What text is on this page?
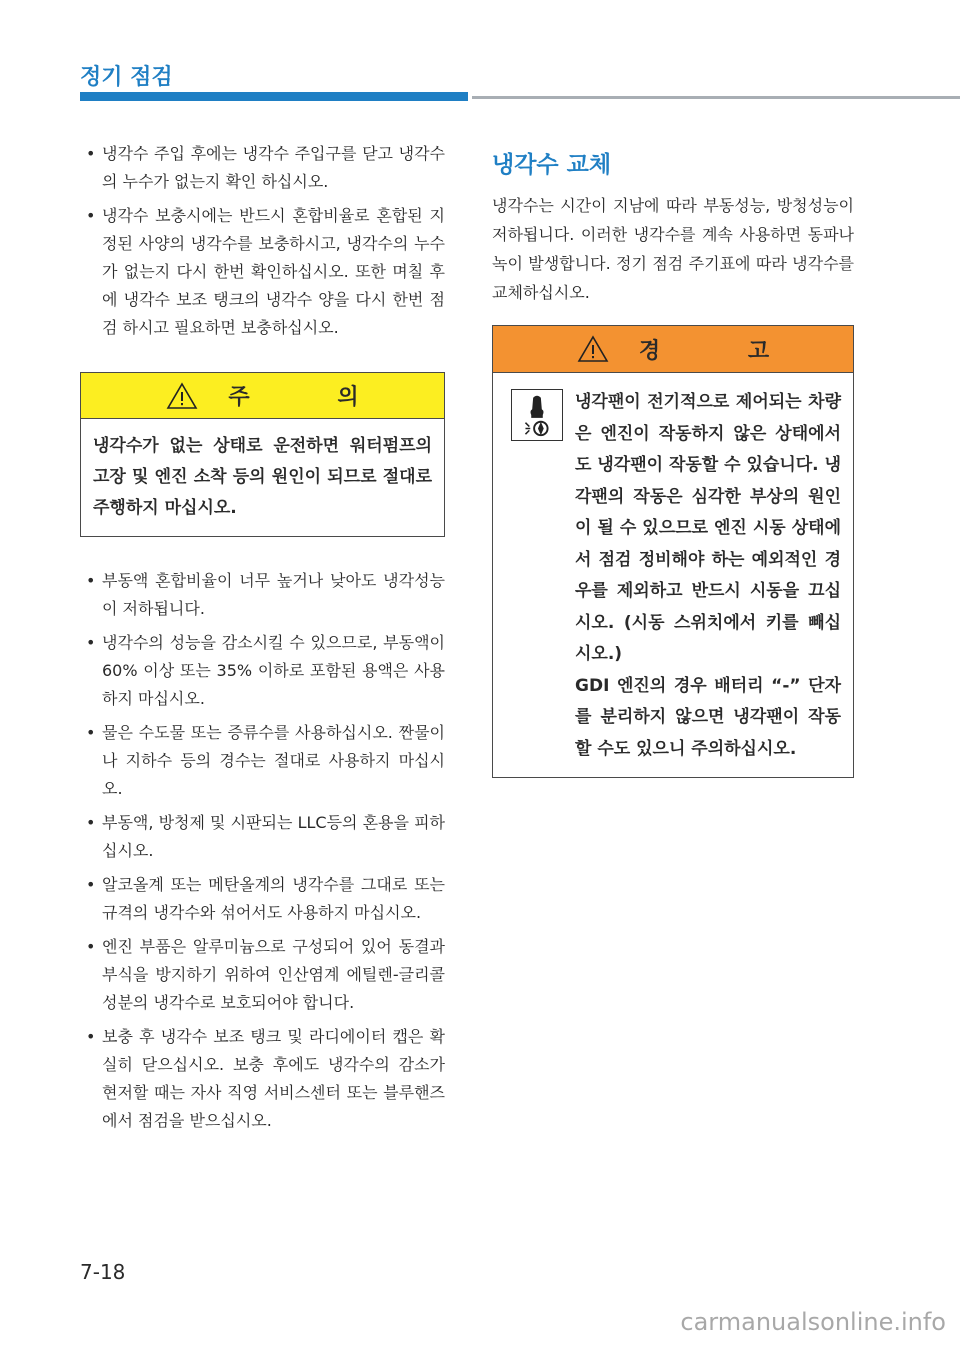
정기 점검
• 냉각수 주입 후에는 냉각수 주입구를 닫고 냉각수의 누수가 없는지 확인 하십시오.
• 냉각수 보충시에는 반드시 혼합비율로 혼합된 지정된 사양의 냉각수를 보충하시고, 냉각수의 누수가 없는지 다시 한번 확인하십시오. 또한 며칠 후에 냉각수 보조 탱크의 냉각수 양을 다시 한번 점검 하시고 필요하면 보충하십시오.
주 의
냉각수가 없는 상태로 운전하면 워터펌프의 고장 및 엔진 소착 등의 원인이 되므로 절대로 주행하지 마십시오.
• 부동액 혼합비율이 너무 높거나 낮아도 냉각성능이 저하됩니다.
• 냉각수의 성능을 감소시킬 수 있으므로, 부동액이 60% 이상 또는 35% 이하로 포함된 용액은 사용하지 마십시오.
• 물은 수도물 또는 증류수를 사용하십시오. 짠물이나 지하수 등의 경수는 절대로 사용하지 마십시오.
• 부동액, 방청제 및 시판되는 LLC등의 혼용을 피하십시오.
• 알코올계 또는 메탄올계의 냉각수를 그대로 또는 규격의 냉각수와 섞어서도 사용하지 마십시오.
• 엔진 부품은 알루미늄으로 구성되어 있어 동결과 부식을 방지하기 위하여 인산염계 에틸렌-글리콜 성분의 냉각수로 보호되어야 합니다.
• 보충 후 냉각수 보조 탱크 및 라디에이터 캡은 확실히 닫으십시오. 보충 후에도 냉각수의 감소가 현저할 때는 자사 직영 서비스센터 또는 블루핸즈에서 점검을 받으십시오.
냉각수 교체
냉각수는 시간이 지남에 따라 부동성능, 방청성능이 저하됩니다. 이러한 냉각수를 계속 사용하면 동파나 녹이 발생합니다. 정기 점검 주기표에 따라 냉각수를 교체하십시오.
경 고
냉각팬이 전기적으로 제어되는 차량은 엔진이 작동하지 않은 상태에서도 냉각팬이 작동할 수 있습니다. 냉각팬의 작동은 심각한 부상의 원인이 될 수 있으므로 엔진 시동 상태에서 점검 정비해야 하는 예외적인 경우를 제외하고 반드시 시동을 끄십시오. (시동 스위치에서 키를 빼십시오.)
GDI 엔진의 경우 배터리 “-” 단자를 분리하지 않으면 냉각팬이 작동할 수도 있으니 주의하십시오.
7-18
carmanualsonline.info
